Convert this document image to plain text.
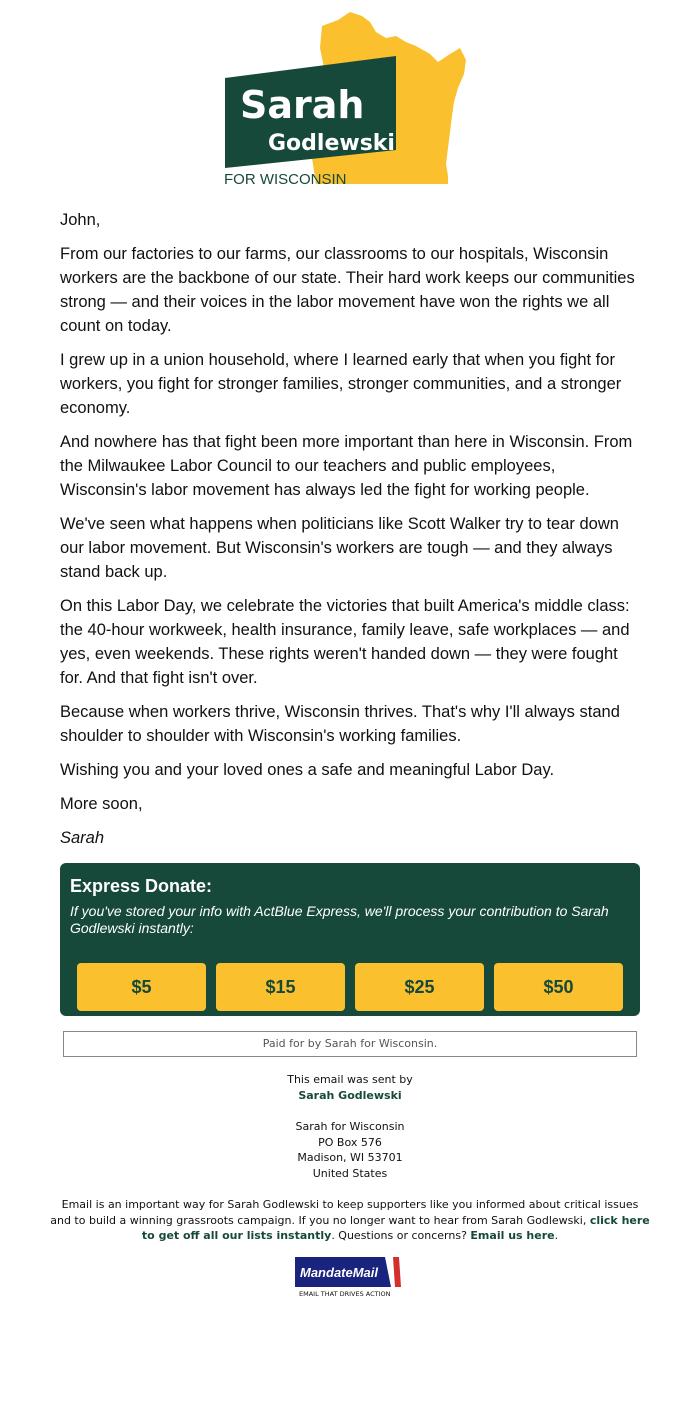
Sarah
Godlewski
FOR WISCONSIN

John,

From our factories to our farms, our classrooms to our hospitals, Wisconsin workers are the backbone of our state. Their hard work keeps our communities strong — and their voices in the labor movement have won the rights we all count on today.

I grew up in a union household, where I learned early that when you fight for workers, you fight for stronger families, stronger communities, and a stronger economy.

And nowhere has that fight been more important than here in Wisconsin. From the Milwaukee Labor Council to our teachers and public employees, Wisconsin's labor movement has always led the fight for working people.

We've seen what happens when politicians like Scott Walker try to tear down our labor movement. But Wisconsin's workers are tough — and they always stand back up.

On this Labor Day, we celebrate the victories that built America's middle class: the 40-hour workweek, health insurance, family leave, safe workplaces — and yes, even weekends. These rights weren't handed down — they were fought for. And that fight isn't over.

Because when workers thrive, Wisconsin thrives. That's why I'll always stand shoulder to shoulder with Wisconsin's working families.

Wishing you and your loved ones a safe and meaningful Labor Day.

More soon,

Sarah

Express Donate:

If you've stored your info with ActBlue Express, we'll process your contribution to Sarah Godlewski instantly:

$5	$15	$25	$50
Paid for by Sarah for Wisconsin.

This email was sent by

Sarah Godlewski

Sarah for Wisconsin

PO Box 576

Madison, WI 53701

United States

Email is an important way for Sarah Godlewski to keep supporters like you informed about critical issues and to build a winning grassroots campaign. If you no longer want to hear from Sarah Godlewski, click here to get off all our lists instantly. Questions or concerns? Email us here.

MandateMail
EMAIL THAT DRIVES ACTION
